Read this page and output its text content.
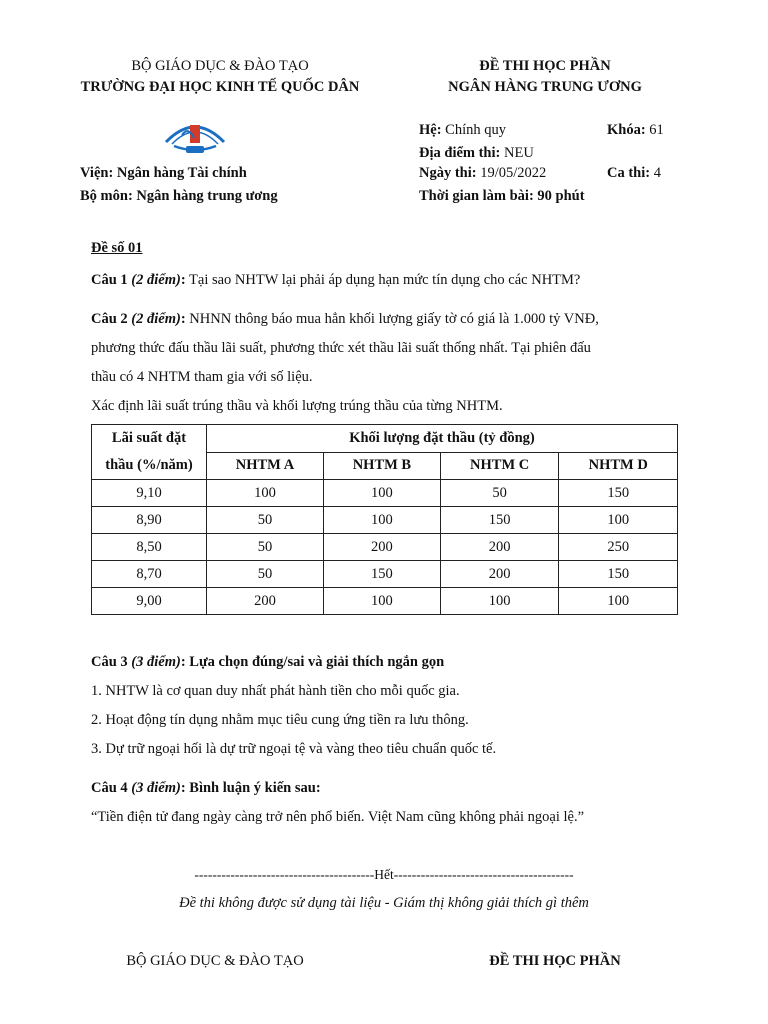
BỘ GIÁO DỤC & ĐÀO TẠO
TRƯỜNG ĐẠI HỌC KINH TẾ QUỐC DÂN
ĐỀ THI HỌC PHẦN
NGÂN HÀNG TRUNG ƯƠNG
Viện: Ngân hàng Tài chính
Bộ môn: Ngân hàng trung ương
Hệ: Chính quy	Khóa: 61
Địa điểm thi: NEU
Ngày thi: 19/05/2022	Ca thi: 4
Thời gian làm bài: 90 phút
Đề số 01
Câu 1 (2 điểm): Tại sao NHTW lại phải áp dụng hạn mức tín dụng cho các NHTM?
Câu 2 (2 điểm): NHNN thông báo mua hẳn khối lượng giấy tờ có giá là 1.000 tỷ VNĐ,
phương thức đấu thầu lãi suất, phương thức xét thầu lãi suất thống nhất. Tại phiên đấu
thầu có 4 NHTM tham gia với số liệu.
Xác định lãi suất trúng thầu và khối lượng trúng thầu của từng NHTM.
Lãi suất đặt	Khối lượng đặt thầu (tỷ đồng)			
thầu (%/năm)	NHTM A	NHTM B	NHTM C	NHTM D
9,10	100	100	50	150
8,90	50	100	150	100
8,50	50	200	200	250
8,70	50	150	200	150
9,00	200	100	100	100
Câu 3 (3 điểm): Lựa chọn đúng/sai và giải thích ngắn gọn
1. NHTW là cơ quan duy nhất phát hành tiền cho mỗi quốc gia.
2. Hoạt động tín dụng nhằm mục tiêu cung ứng tiền ra lưu thông.
3. Dự trữ ngoại hối là dự trữ ngoại tệ và vàng theo tiêu chuẩn quốc tế.
Câu 4 (3 điểm): Bình luận ý kiến sau:
“Tiền điện tử đang ngày càng trở nên phổ biến. Việt Nam cũng không phải ngoại lệ.”
----------------------------------------Hết----------------------------------------
Đề thi không được sử dụng tài liệu - Giám thị không giải thích gì thêm
BỘ GIÁO DỤC & ĐÀO TẠO	ĐỀ THI HỌC PHẦN
